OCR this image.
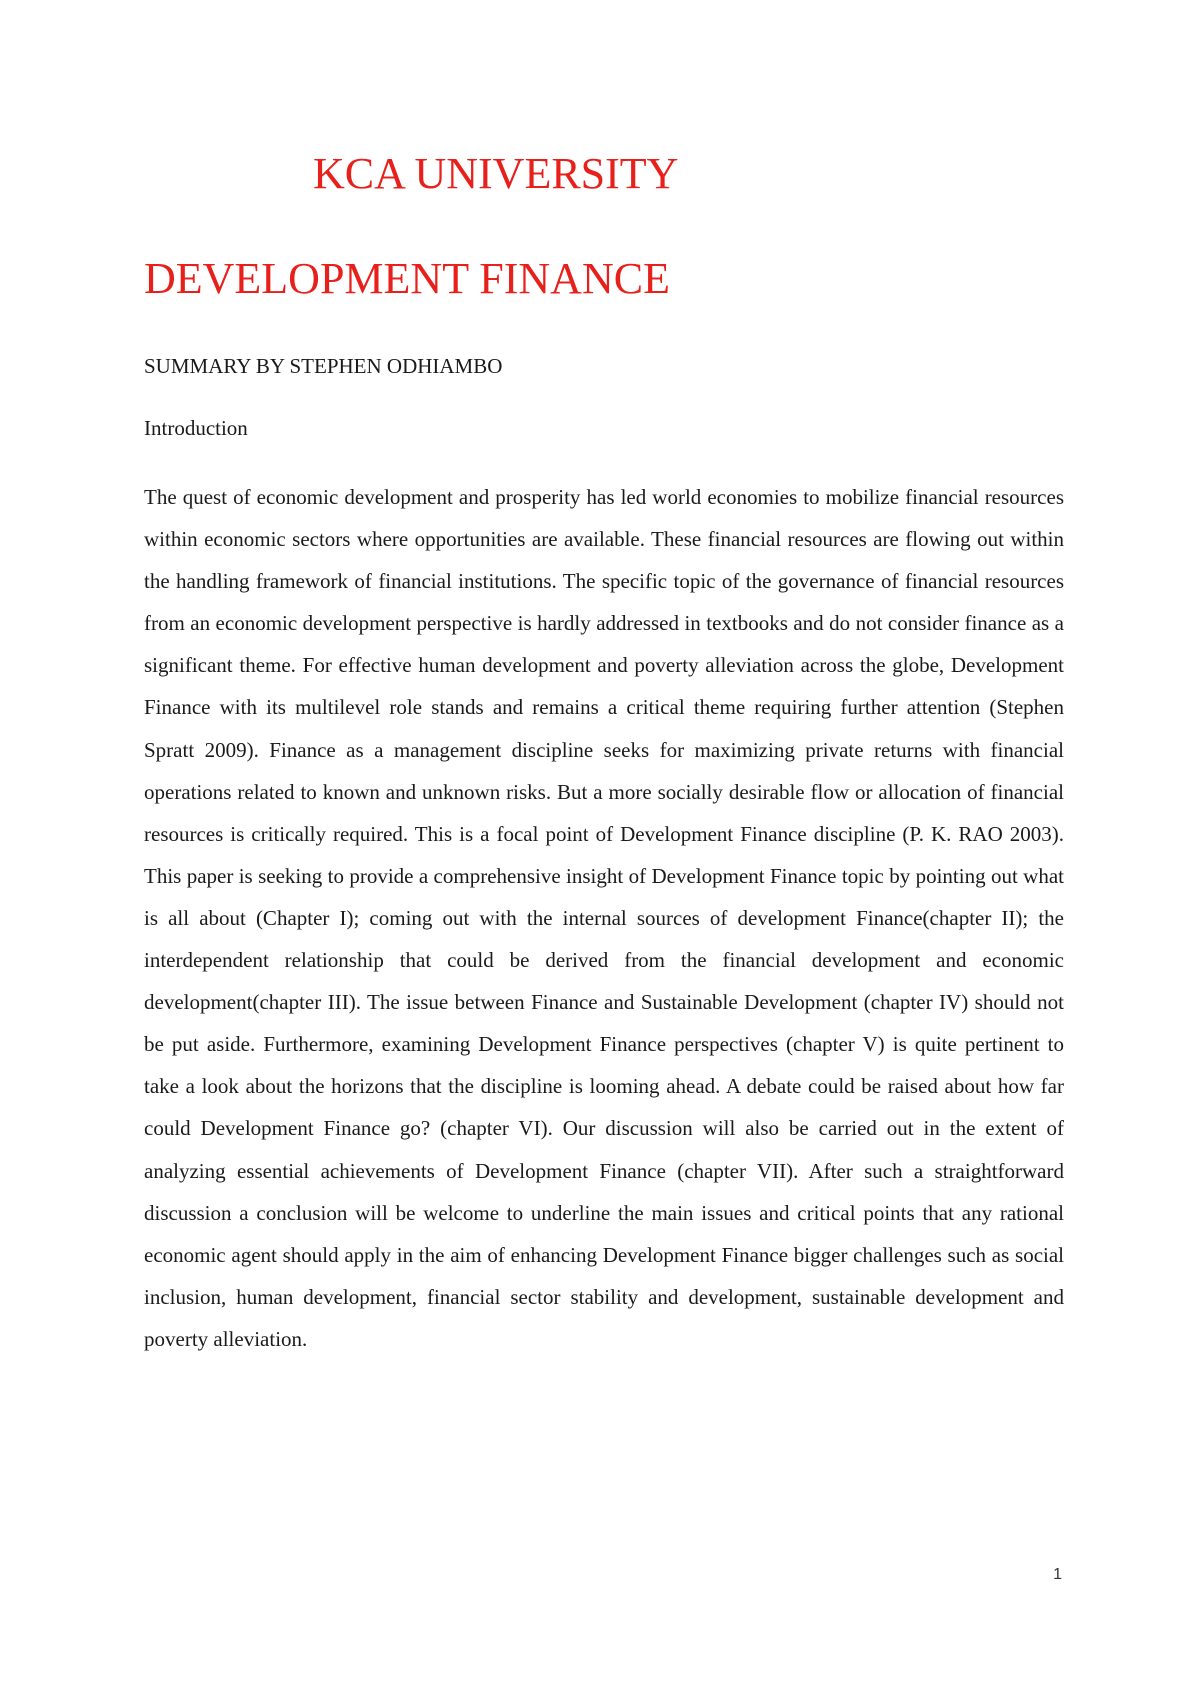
KCA UNIVERSITY
DEVELOPMENT FINANCE

SUMMARY BY STEPHEN ODHIAMBO

Introduction

The quest of economic development and prosperity has led world economies to mobilize financial resources within economic sectors where opportunities are available. These financial resources are flowing out within the handling framework of financial institutions. The specific topic of the governance of financial resources from an economic development perspective is hardly addressed in textbooks and do not consider finance as a significant theme. For effective human development and poverty alleviation across the globe, Development Finance with its multilevel role stands and remains a critical theme requiring further attention (Stephen Spratt 2009). Finance as a management discipline seeks for maximizing private returns with financial operations related to known and unknown risks. But a more socially desirable flow or allocation of financial resources is critically required. This is a focal point of Development Finance discipline (P. K. RAO 2003). This paper is seeking to provide a comprehensive insight of Development Finance topic by pointing out what is all about (Chapter I); coming out with the internal sources of development Finance(chapter II); the interdependent relationship that could be derived from the financial development and economic development(chapter III). The issue between Finance and Sustainable Development (chapter IV) should not be put aside. Furthermore, examining Development Finance perspectives (chapter V) is quite pertinent to take a look about the horizons that the discipline is looming ahead. A debate could be raised about how far could Development Finance go? (chapter VI). Our discussion will also be carried out in the extent of analyzing essential achievements of Development Finance (chapter VII). After such a straightforward discussion a conclusion will be welcome to underline the main issues and critical points that any rational economic agent should apply in the aim of enhancing Development Finance bigger challenges such as social inclusion, human development, financial sector stability and development, sustainable development and poverty alleviation.

1
